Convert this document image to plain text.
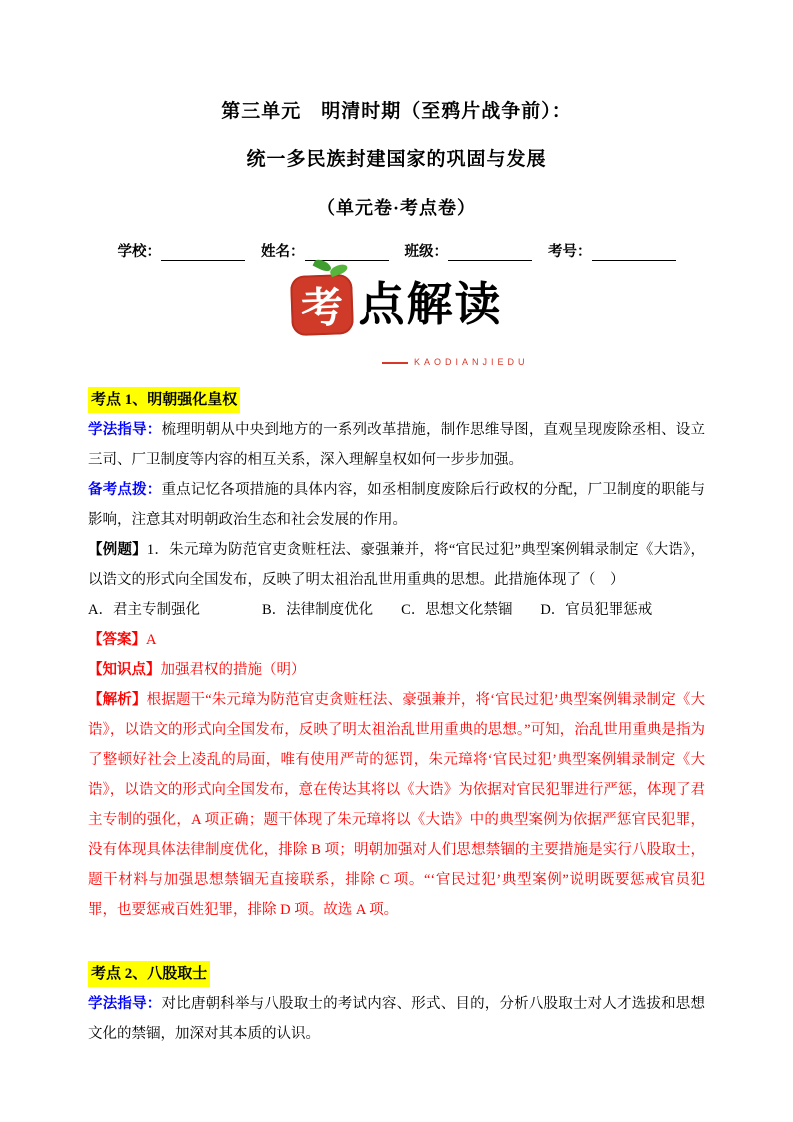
第三单元　明清时期（至鸦片战争前）：
统一多民族封建国家的巩固与发展
（单元卷·考点卷）
学校：	姓名：	班级：	考号：
考 点解读
KAODIANJIEDU
考点 1、明朝强化皇权

学法指导：梳理明朝从中央到地方的一系列改革措施，制作思维导图，直观呈现废除丞相、设立三司、厂卫制度等内容的相互关系，深入理解皇权如何一步步加强。

备考点拨：重点记忆各项措施的具体内容，如丞相制度废除后行政权的分配，厂卫制度的职能与影响，注意其对明朝政治生态和社会发展的作用。

【例题】1．朱元璋为防范官吏贪赃枉法、豪强兼并，将“官民过犯”典型案例辑录制定《大诰》，以诰文的形式向全国发布，反映了明太祖治乱世用重典的思想。此措施体现了（　）

A．君主专制强化	B．法律制度优化 C．思想文化禁锢 D．官员犯罪惩戒

【答案】A

【知识点】加强君权的措施（明）

【解析】根据题干“朱元璋为防范官吏贪赃枉法、豪强兼并，将‘官民过犯’典型案例辑录制定《大诰》，以诰文的形式向全国发布，反映了明太祖治乱世用重典的思想。”可知，治乱世用重典是指为了整顿好社会上凌乱的局面，唯有使用严苛的惩罚，朱元璋将‘官民过犯’典型案例辑录制定《大诰》，以诰文的形式向全国发布，意在传达其将以《大诰》为依据对官民犯罪进行严惩，体现了君主专制的强化，A 项正确；题干体现了朱元璋将以《大诰》中的典型案例为依据严惩官民犯罪，没有体现具体法律制度优化，排除 B 项；明朝加强对人们思想禁锢的主要措施是实行八股取士，题干材料与加强思想禁锢无直接联系，排除 C 项。“‘官民过犯’典型案例”说明既要惩戒官员犯罪，也要惩戒百姓犯罪，排除 D 项。故选 A 项。

考点 2、八股取士

学法指导：对比唐朝科举与八股取士的考试内容、形式、目的，分析八股取士对人才选拔和思想文化的禁锢，加深对其本质的认识。
